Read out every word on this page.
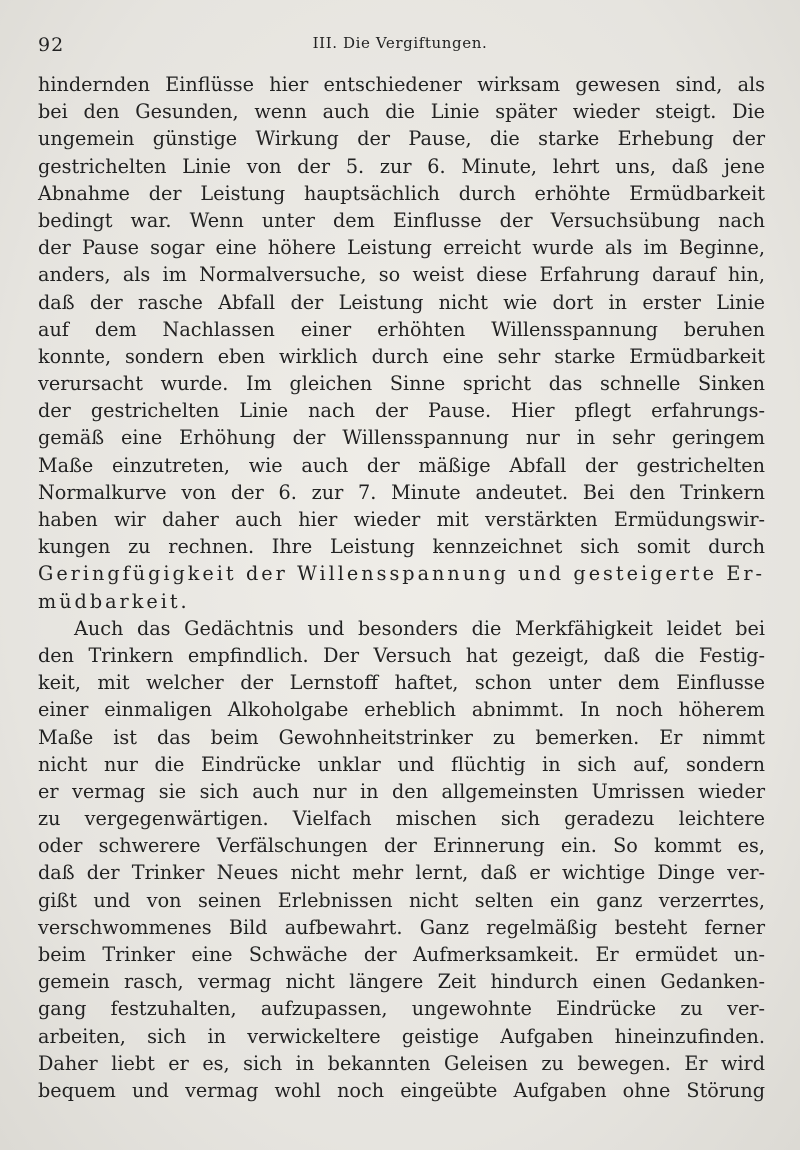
92	III. Die Vergiftungen.
hindernden Einflüsse hier entschiedener wirksam gewesen sind, als
bei den Gesunden, wenn auch die Linie später wieder steigt. Die
ungemein günstige Wirkung der Pause, die starke Erhebung der
gestrichelten Linie von der 5. zur 6. Minute, lehrt uns, daß jene
Abnahme der Leistung hauptsächlich durch erhöhte Ermüdbarkeit
bedingt war. Wenn unter dem Einflusse der Versuchsübung nach
der Pause sogar eine höhere Leistung erreicht wurde als im Beginne,
anders, als im Normalversuche, so weist diese Erfahrung darauf hin,
daß der rasche Abfall der Leistung nicht wie dort in erster Linie
auf dem Nachlassen einer erhöhten Willensspannung beruhen
konnte, sondern eben wirklich durch eine sehr starke Ermüdbarkeit
verursacht wurde. Im gleichen Sinne spricht das schnelle Sinken
der gestrichelten Linie nach der Pause. Hier pflegt erfahrungs-
gemäß eine Erhöhung der Willensspannung nur in sehr geringem
Maße einzutreten, wie auch der mäßige Abfall der gestrichelten
Normalkurve von der 6. zur 7. Minute andeutet. Bei den Trinkern
haben wir daher auch hier wieder mit verstärkten Ermüdungswir-
kungen zu rechnen. Ihre Leistung kennzeichnet sich somit durch
Geringfügigkeit der Willensspannung und gesteigerte Er-
müdbarkeit.
Auch das Gedächtnis und besonders die Merkfähigkeit leidet bei
den Trinkern empfindlich. Der Versuch hat gezeigt, daß die Festig-
keit, mit welcher der Lernstoff haftet, schon unter dem Einflusse
einer einmaligen Alkoholgabe erheblich abnimmt. In noch höherem
Maße ist das beim Gewohnheitstrinker zu bemerken. Er nimmt
nicht nur die Eindrücke unklar und flüchtig in sich auf, sondern
er vermag sie sich auch nur in den allgemeinsten Umrissen wieder
zu vergegenwärtigen. Vielfach mischen sich geradezu leichtere
oder schwerere Verfälschungen der Erinnerung ein. So kommt es,
daß der Trinker Neues nicht mehr lernt, daß er wichtige Dinge ver-
gißt und von seinen Erlebnissen nicht selten ein ganz verzerrtes,
verschwommenes Bild aufbewahrt. Ganz regelmäßig besteht ferner
beim Trinker eine Schwäche der Aufmerksamkeit. Er ermüdet un-
gemein rasch, vermag nicht längere Zeit hindurch einen Gedanken-
gang festzuhalten, aufzupassen, ungewohnte Eindrücke zu ver-
arbeiten, sich in verwickeltere geistige Aufgaben hineinzufinden.
Daher liebt er es, sich in bekannten Geleisen zu bewegen. Er wird
bequem und vermag wohl noch eingeübte Aufgaben ohne Störung
